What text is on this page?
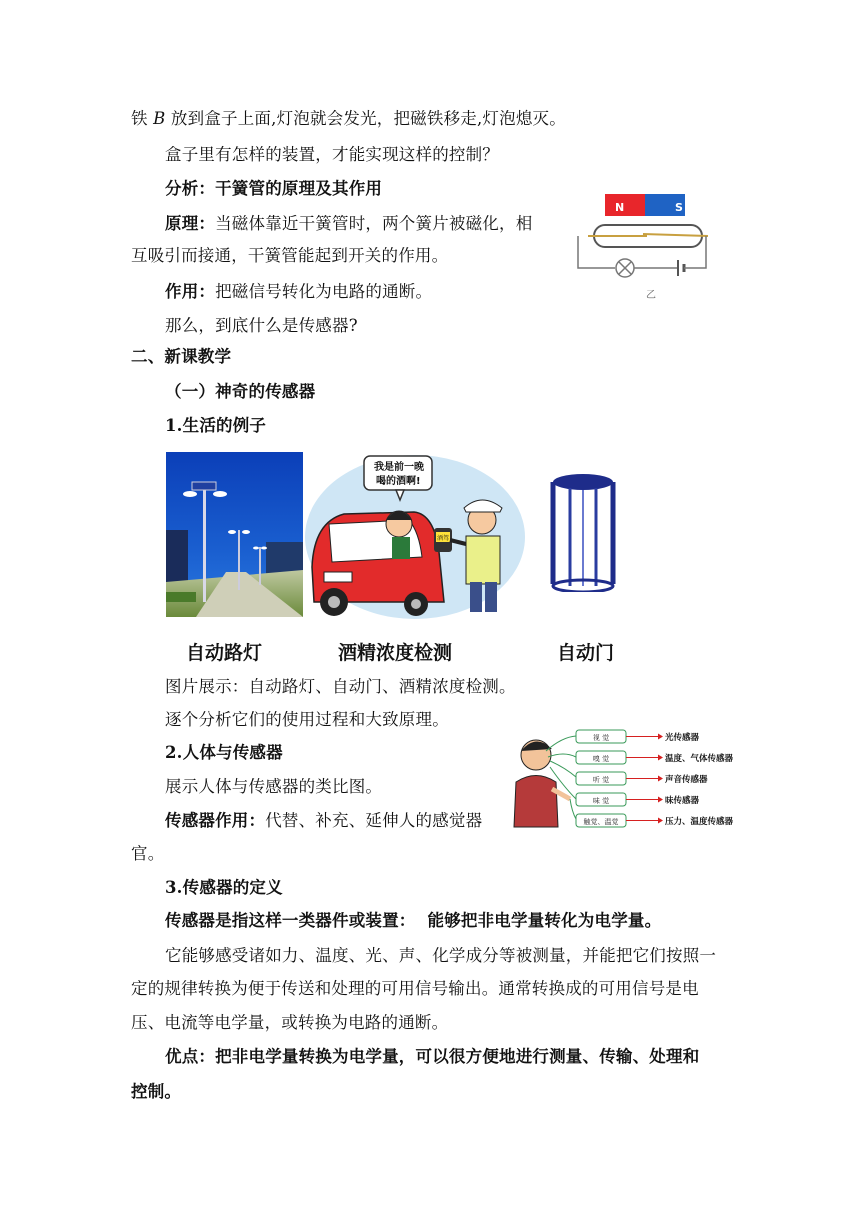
铁 B 放到盒子上面,灯泡就会发光，把磁铁移走,灯泡熄灭。
盒子里有怎样的装置，才能实现这样的控制？
分析：干簧管的原理及其作用
原理：当磁体靠近干簧管时，两个簧片被磁化，相
互吸引而接通，干簧管能起到开关的作用。
作用：把磁信号转化为电路的通断。
那么，到底什么是传感器?
N	S
乙
二、新课教学
（一）神奇的传感器
1.生活的例子
我是前一晚
喝的酒啊!
酒驾
自动路灯	酒精浓度检测	自动门
图片展示：自动路灯、自动门、酒精浓度检测。
逐个分析它们的使用过程和大致原理。
2.人体与传感器
展示人体与传感器的类比图。
传感器作用：代替、补充、延伸人的感觉器
官。
视 觉
嗅 觉
听 觉
味 觉
触觉、温觉
光传感器
温度、气体传感器
声音传感器
味传感器
压力、温度传感器
3.传感器的定义
传感器是指这样一类器件或装置： 能够把非电学量转化为电学量。
它能够感受诸如力、温度、光、声、化学成分等被测量，并能把它们按照一
定的规律转换为便于传送和处理的可用信号输出。通常转换成的可用信号是电
压、电流等电学量，或转换为电路的通断。
优点：把非电学量转换为电学量，可以很方便地进行测量、传输、处理和
控制。
